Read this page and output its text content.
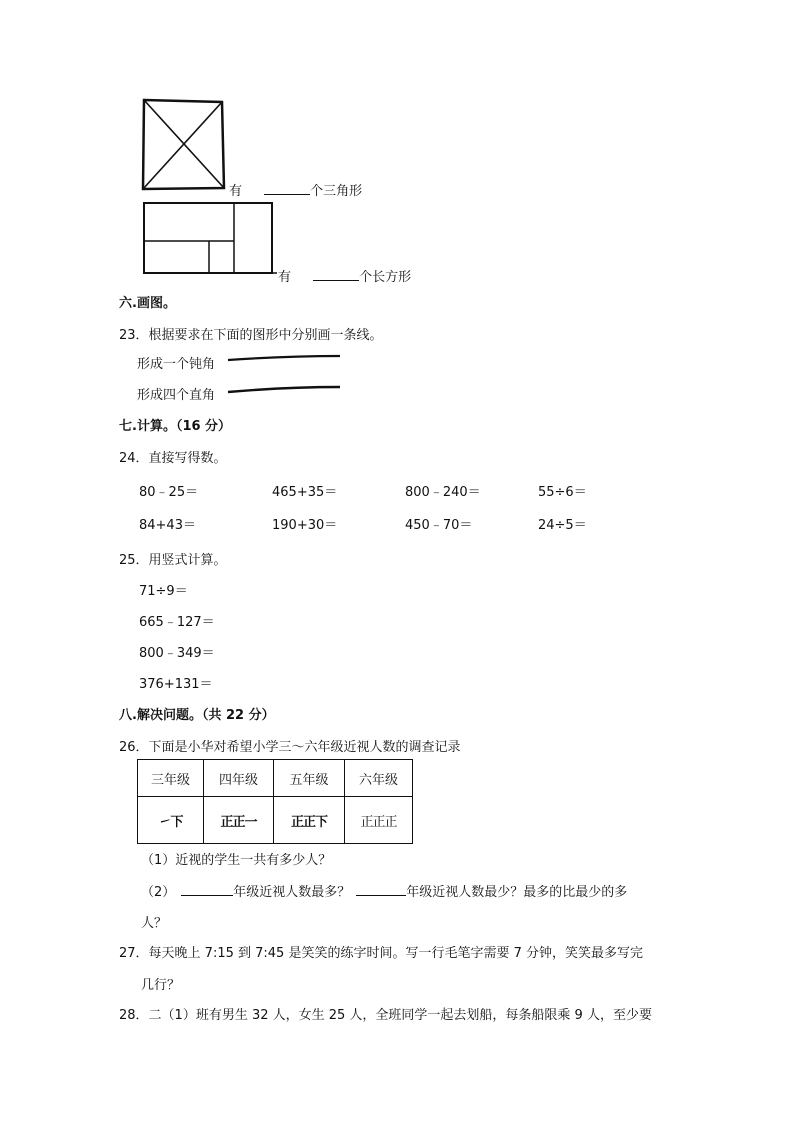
有	个三角形
有	个长方形
六.画图。
23．根据要求在下面的图形中分别画一条线。
形成一个钝角
形成四个直角
七.计算。（16 分）
24．直接写得数。
80﹣25＝	465+35＝	800﹣240＝	55÷6＝
84+43＝	190+30＝	450﹣70＝	24÷5＝
25．用竖式计算。
71÷9＝
665﹣127＝
800﹣349＝
376+131＝
八.解决问题。（共 22 分）
26．下面是小华对希望小学三～六年级近视人数的调查记录
三年级	四年级	五年级	六年级
㇀下	正正一	正正下	正正正
（1）近视的学生一共有多少人？
（2）	年级近视人数最多？	年级近视人数最少？最多的比最少的多
人？
27．每天晚上 7:15 到 7:45 是笑笑的练字时间。写一行毛笔字需要 7 分钟，笑笑最多写完
几行？
28．二（1）班有男生 32 人，女生 25 人，全班同学一起去划船，每条船限乘 9 人，至少要
